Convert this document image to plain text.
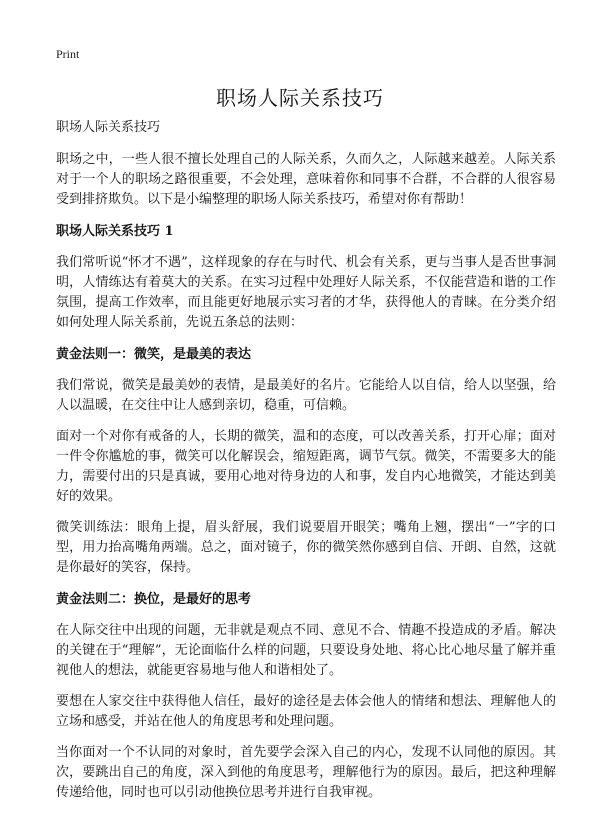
Print
职场人际关系技巧
职场人际关系技巧

职场之中，一些人很不擅长处理自己的人际关系，久而久之，人际越来越差。人际关系对于一个人的职场之路很重要，不会处理，意味着你和同事不合群，不合群的人很容易受到排挤欺负。以下是小编整理的职场人际关系技巧，希望对你有帮助！

职场人际关系技巧 1

我们常听说“怀才不遇”，这样现象的存在与时代、机会有关系，更与当事人是否世事洞明，人情练达有着莫大的关系。在实习过程中处理好人际关系，不仅能营造和谐的工作氛围，提高工作效率，而且能更好地展示实习者的才华，获得他人的青睐。在分类介绍如何处理人际关系前，先说五条总的法则：

黄金法则一：微笑，是最美的表达

我们常说，微笑是最美妙的表情，是最美好的名片。它能给人以自信，给人以坚强，给人以温暖，在交往中让人感到亲切，稳重，可信赖。

面对一个对你有戒备的人，长期的微笑，温和的态度，可以改善关系，打开心扉；面对一件令你尴尬的事，微笑可以化解误会，缩短距离，调节气氛。微笑，不需要多大的能力，需要付出的只是真诚，要用心地对待身边的人和事，发自内心地微笑，才能达到美好的效果。

微笑训练法：眼角上提，眉头舒展，我们说要眉开眼笑；嘴角上翘，摆出“一”字的口型，用力抬高嘴角两端。总之，面对镜子，你的微笑然你感到自信、开朗、自然，这就是你最好的笑容，保持。

黄金法则二：换位，是最好的思考

在人际交往中出现的问题，无非就是观点不同、意见不合、情趣不投造成的矛盾。解决的关键在于“理解”，无论面临什么样的问题，只要设身处地、将心比心地尽量了解并重视他人的想法，就能更容易地与他人和谐相处了。

要想在人家交往中获得他人信任，最好的途径是去体会他人的情绪和想法、理解他人的立场和感受，并站在他人的角度思考和处理问题。

当你面对一个不认同的对象时，首先要学会深入自己的内心，发现不认同他的原因。其次，要跳出自己的角度，深入到他的角度思考，理解他行为的原因。最后，把这种理解传递给他，同时也可以引动他换位思考并进行自我审视。
